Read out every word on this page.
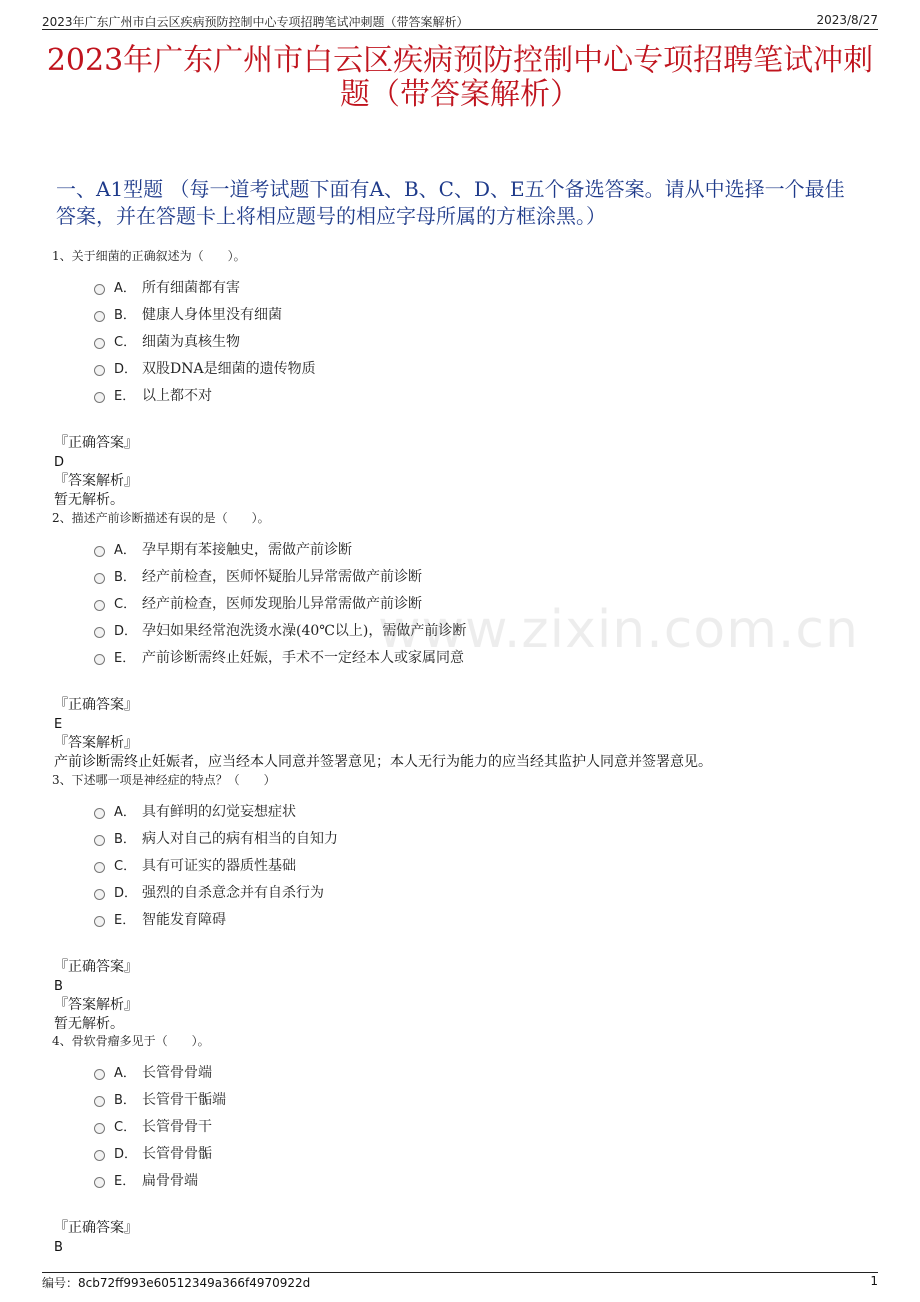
2023年广东广州市白云区疾病预防控制中心专项招聘笔试冲刺题（带答案解析）	2023/8/27
2023年广东广州市白云区疾病预防控制中心专项招聘笔试冲刺题（带答案解析）
一、A1型题 （每一道考试题下面有A、B、C、D、E五个备选答案。请从中选择一个最佳答案，并在答题卡上将相应题号的相应字母所属的方框涂黑。）
www.zixin.com.cn
1、关于细菌的正确叙述为（　　）。
A． 所有细菌都有害
B． 健康人身体里没有细菌
C． 细菌为真核生物
D． 双股DNA是细菌的遗传物质
E． 以上都不对
『正确答案』
D
『答案解析』
暂无解析。
2、描述产前诊断描述有误的是（　　）。
A． 孕早期有苯接触史，需做产前诊断
B． 经产前检查，医师怀疑胎儿异常需做产前诊断
C． 经产前检查，医师发现胎儿异常需做产前诊断
D． 孕妇如果经常泡洗烫水澡(40℃以上)，需做产前诊断
E． 产前诊断需终止妊娠，手术不一定经本人或家属同意
『正确答案』
E
『答案解析』
产前诊断需终止妊娠者，应当经本人同意并签署意见；本人无行为能力的应当经其监护人同意并签署意见。
3、下述哪一项是神经症的特点？（　　）
A． 具有鲜明的幻觉妄想症状
B． 病人对自己的病有相当的自知力
C． 具有可证实的器质性基础
D． 强烈的自杀意念并有自杀行为
E． 智能发育障碍
『正确答案』
B
『答案解析』
暂无解析。
4、骨软骨瘤多见于（　　）。
A． 长管骨骨端
B． 长管骨干骺端
C． 长管骨骨干
D． 长管骨骨骺
E． 扁骨骨端
『正确答案』
B
编号：8cb72ff993e60512349a366f4970922d	1
